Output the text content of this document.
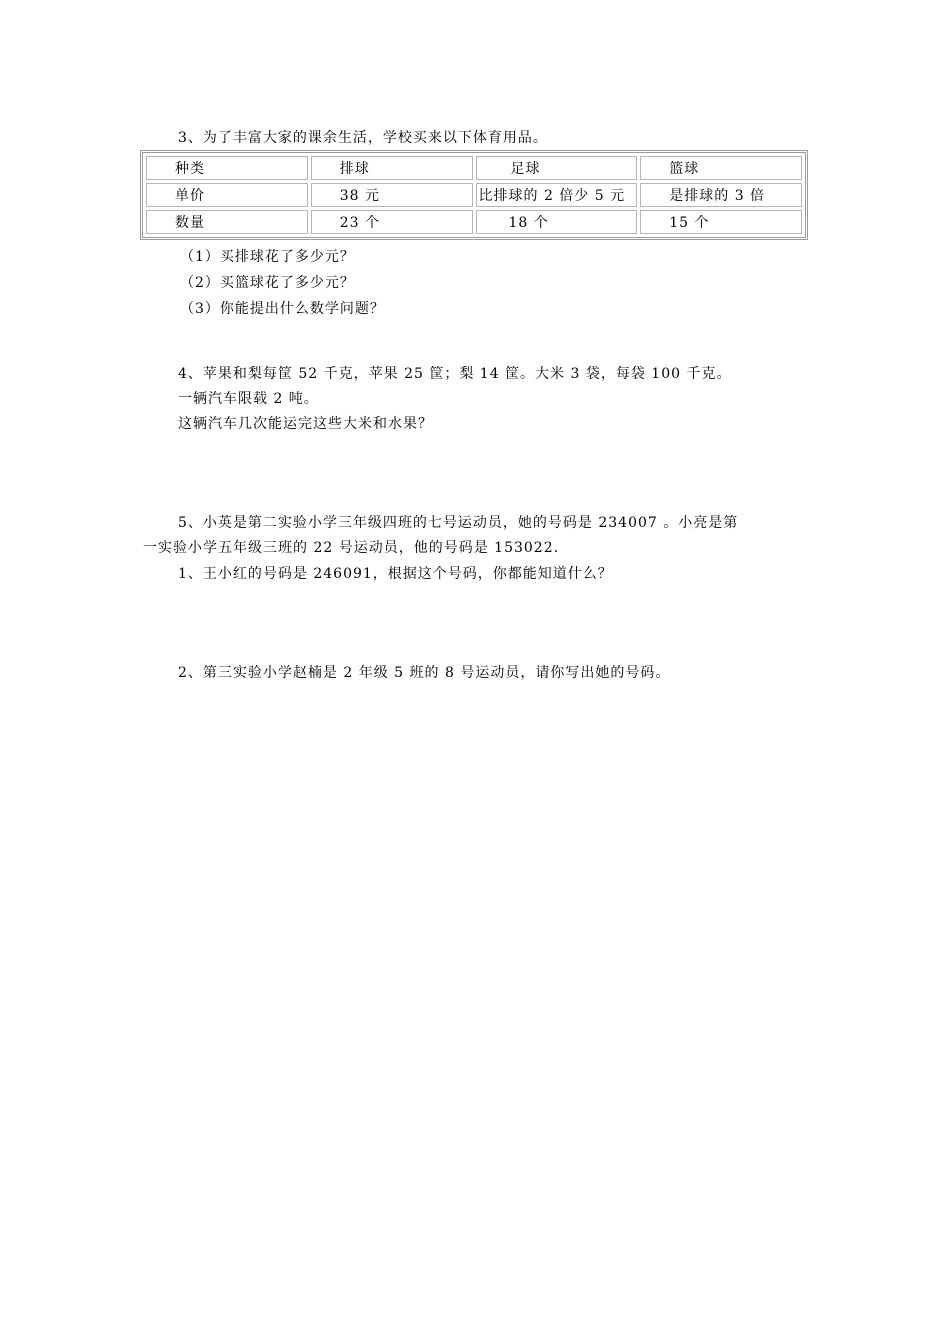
3、为了丰富大家的课余生活，学校买来以下体育用品。
种类	排球	足球	篮球
单价	38 元	比排球的 2 倍少 5 元	是排球的 3 倍
数量	23 个	18 个	15 个
（1）买排球花了多少元？
（2）买篮球花了多少元？
（3）你能提出什么数学问题？
4、苹果和梨每筐 52 千克，苹果 25 筐；梨 14 筐。大米 3 袋，每袋 100 千克。
一辆汽车限载 2 吨。
这辆汽车几次能运完这些大米和水果？
5、小英是第二实验小学三年级四班的七号运动员，她的号码是 234007 。小亮是第
一实验小学五年级三班的 22 号运动员，他的号码是 153022.
1、王小红的号码是 246091，根据这个号码，你都能知道什么？
2、第三实验小学赵楠是 2 年级 5 班的 8 号运动员，请你写出她的号码。
